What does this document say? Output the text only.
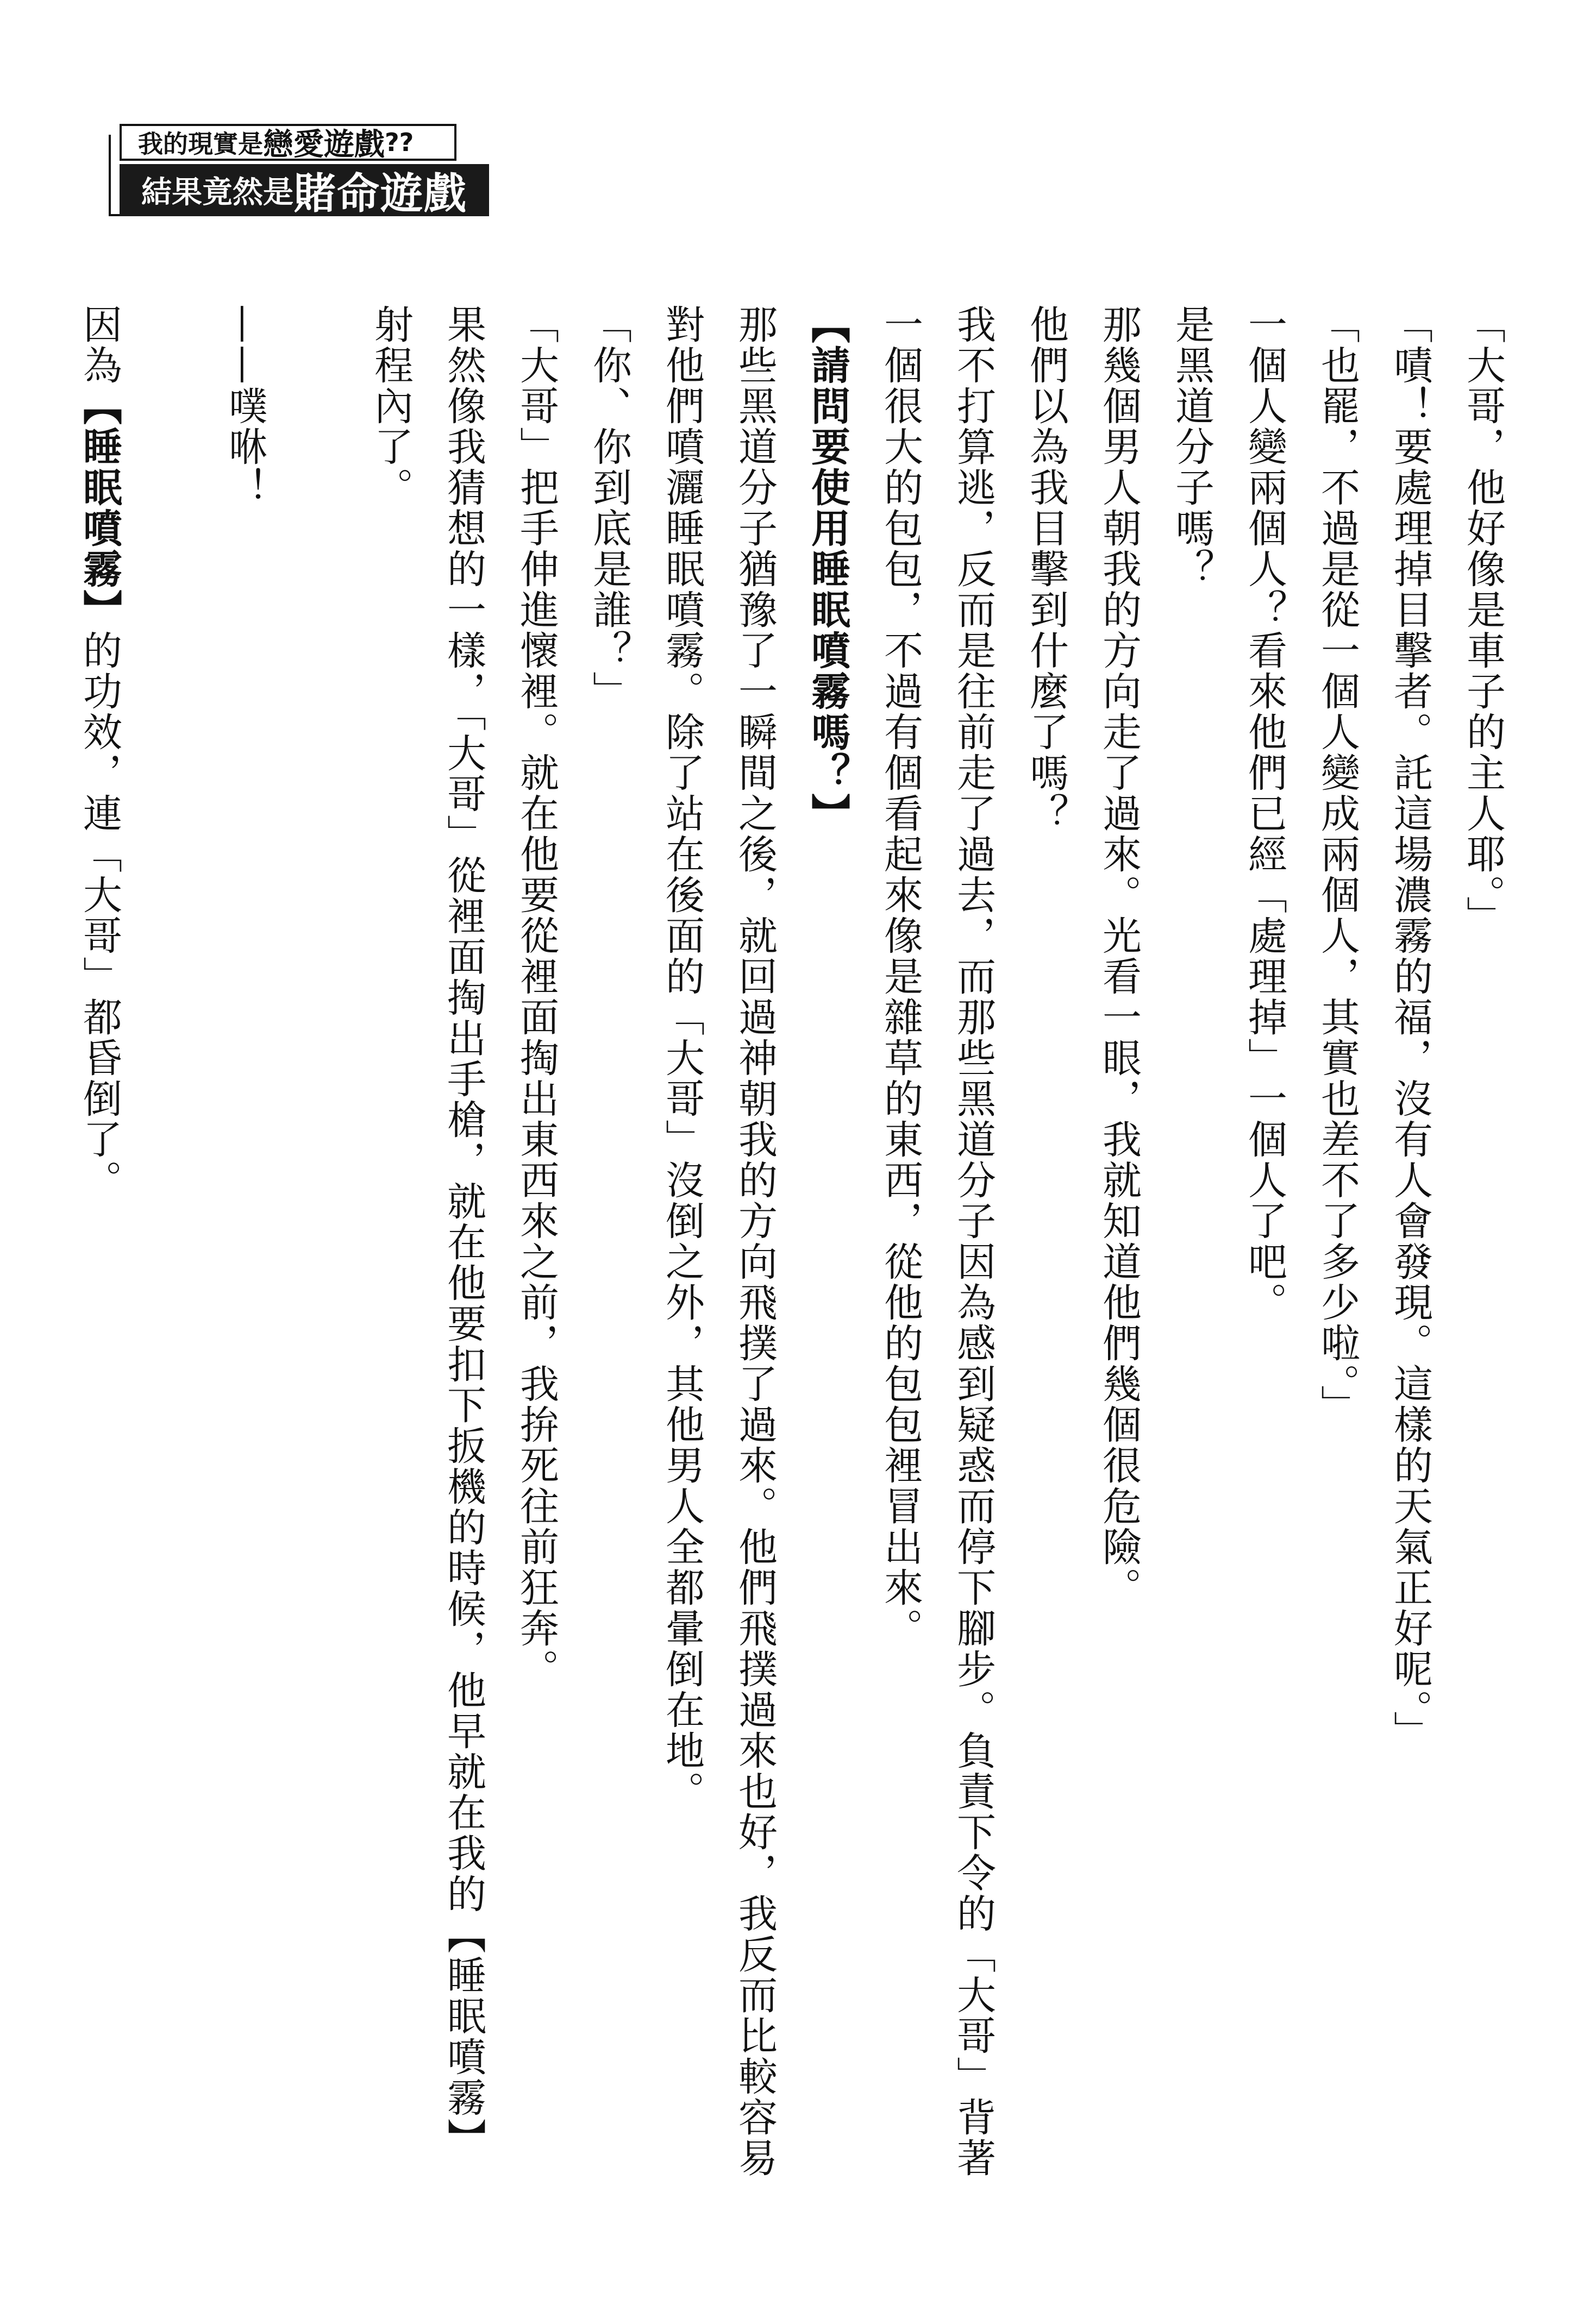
我的現實是 戀愛遊戲 ??
結果竟然是 賭命遊戲

「大哥，他好像是車子的主人耶。」

「嘖！要處理掉目擊者。託這場濃霧的福，沒有人會發現。這樣的天氣正好呢。」

「也罷，不過是從一個人變成兩個人，其實也差不了多少啦。」

一個人變兩個人？看來他們已經「處理掉」一個人了吧。

是黑道分子嗎？

那幾個男人朝我的方向走了過來。光看一眼，我就知道他們幾個很危險。

他們以為我目擊到什麼了嗎？

我不打算逃，反而是往前走了過去，而那些黑道分子因為感到疑惑而停下腳步。負責下令的「大哥」背著一個很大的包包，不過有個看起來像是雜草的東西，從他的包包裡冒出來。

【請問要使用睡眠噴霧嗎？】

那些黑道分子猶豫了一瞬間之後，就回過神朝我的方向飛撲了過來。他們飛撲過來也好，我反而比較容易對他們噴灑睡眠噴霧。除了站在後面的「大哥」沒倒之外，其他男人全都暈倒在地。

「你、你到底是誰？」

「大哥」把手伸進懷裡。就在他要從裡面掏出東西來之前，我拚死往前狂奔。

果然像我猜想的一樣，「大哥」從裡面掏出手槍，就在他要扣下扳機的時候，他早就在我的【睡眠噴霧】射程內了。

——噗咻！

因為【睡眠噴霧】的功效，連「大哥」都昏倒了。
